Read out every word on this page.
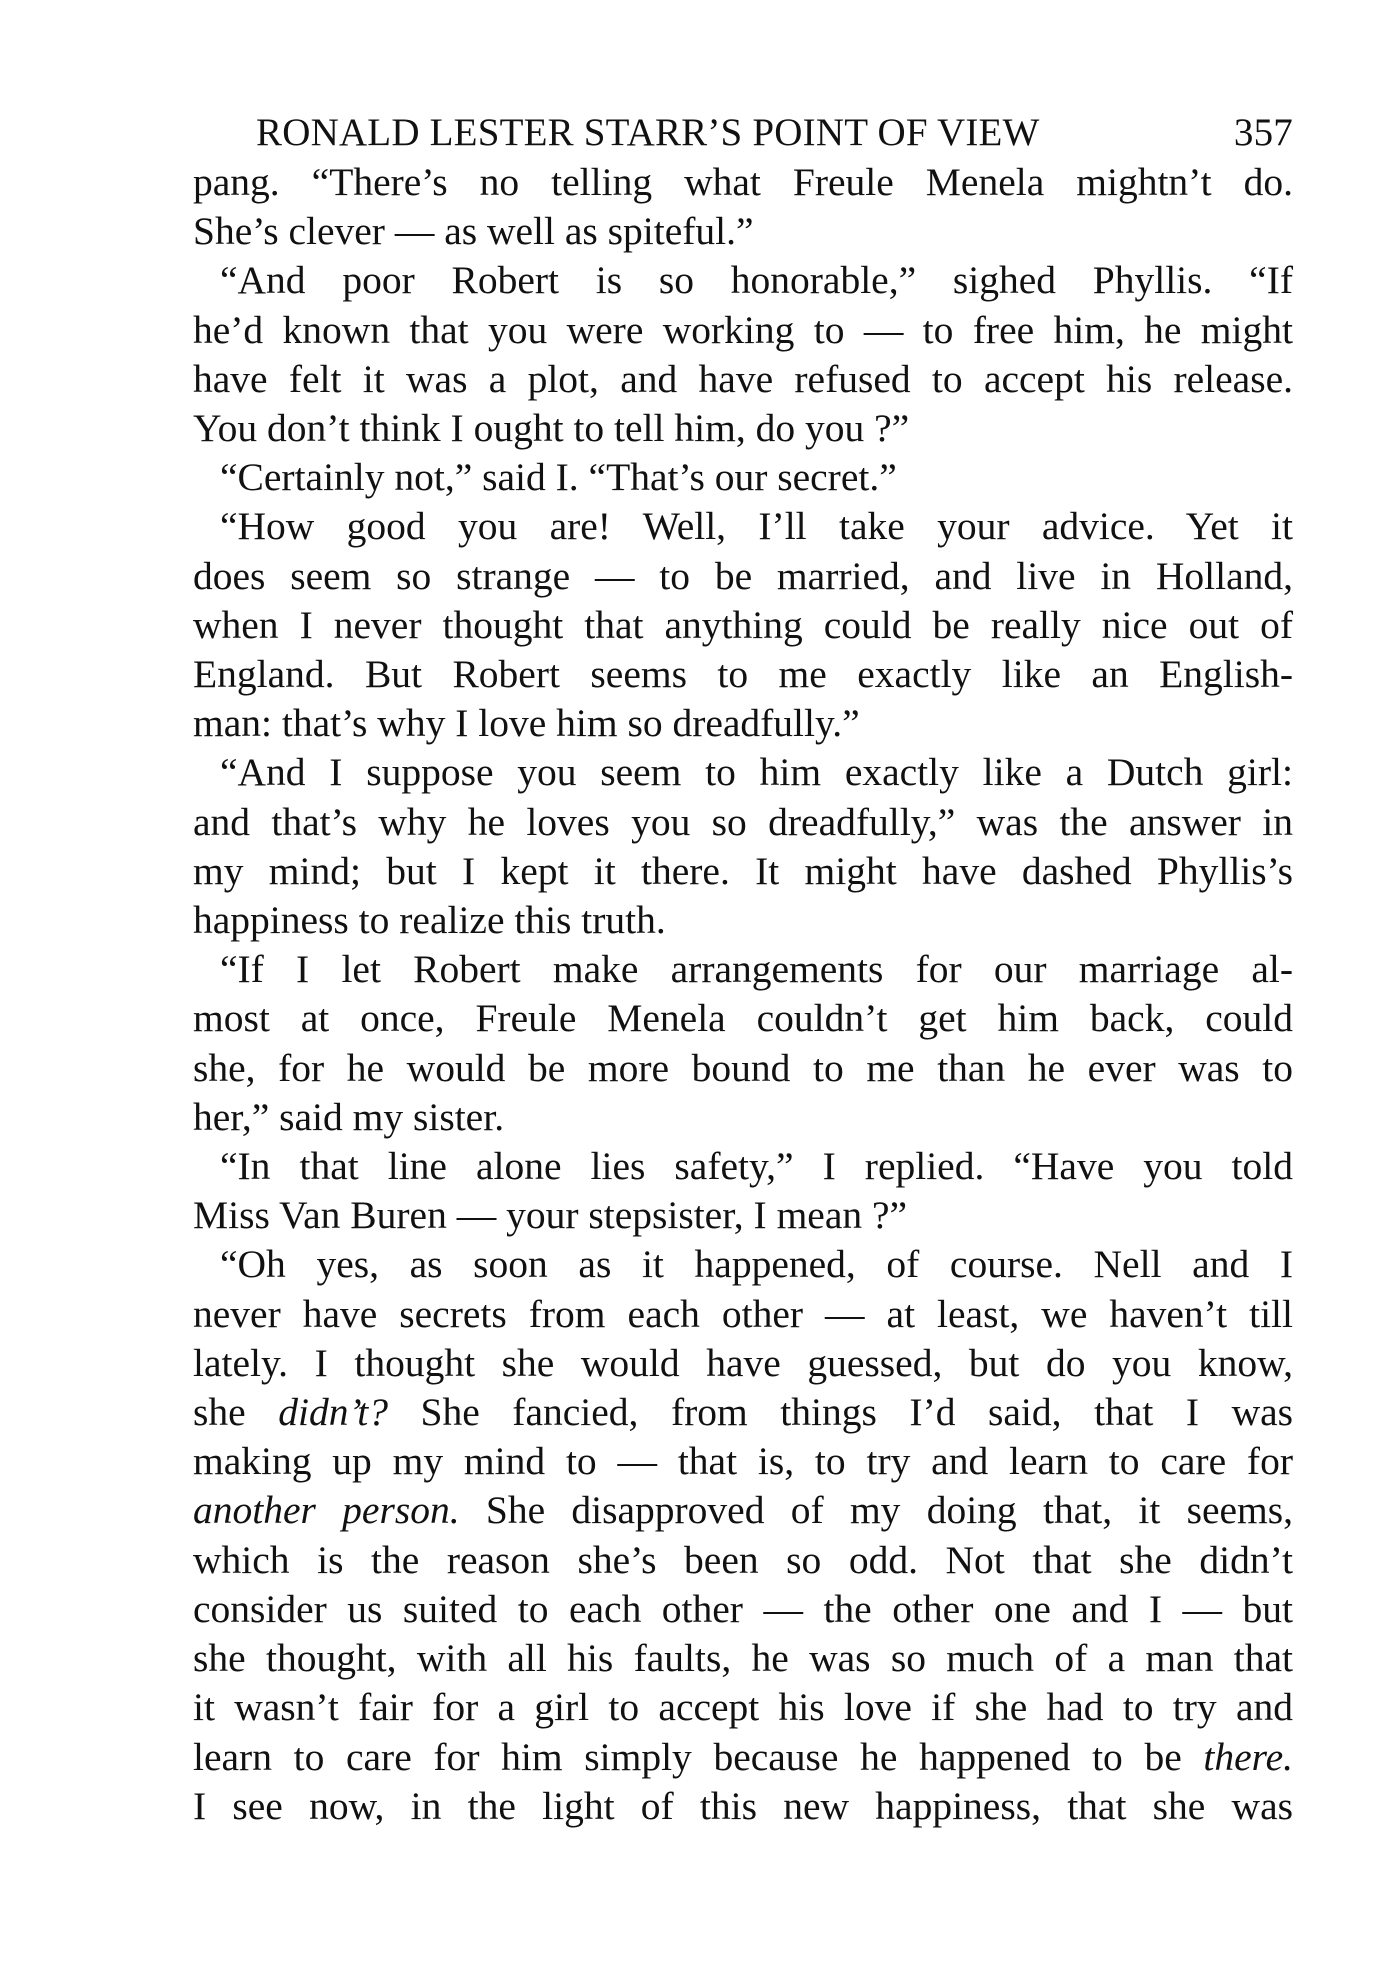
RONALD LESTER STARR’S POINT OF VIEW	357
pang. “There’s no telling what Freule Menela mightn’t do.
She’s clever — as well as spiteful.”
“And poor Robert is so honorable,” sighed Phyllis. “If
he’d known that you were working to — to free him, he might
have felt it was a plot, and have refused to accept his release.
You don’t think I ought to tell him, do you ?”
“Certainly not,” said I. “That’s our secret.”
“How good you are! Well, I’ll take your advice. Yet it
does seem so strange — to be married, and live in Holland,
when I never thought that anything could be really nice out of
England. But Robert seems to me exactly like an English-
man: that’s why I love him so dreadfully.”
“And I suppose you seem to him exactly like a Dutch girl:
and that’s why he loves you so dreadfully,” was the answer in
my mind; but I kept it there. It might have dashed Phyllis’s
happiness to realize this truth.
“If I let Robert make arrangements for our marriage al-
most at once, Freule Menela couldn’t get him back, could
she, for he would be more bound to me than he ever was to
her,” said my sister.
“In that line alone lies safety,” I replied. “Have you told
Miss Van Buren — your stepsister, I mean ?”
“Oh yes, as soon as it happened, of course. Nell and I
never have secrets from each other — at least, we haven’t till
lately. I thought she would have guessed, but do you know,
she didn’t? She fancied, from things I’d said, that I was
making up my mind to — that is, to try and learn to care for
another person. She disapproved of my doing that, it seems,
which is the reason she’s been so odd. Not that she didn’t
consider us suited to each other — the other one and I — but
she thought, with all his faults, he was so much of a man that
it wasn’t fair for a girl to accept his love if she had to try and
learn to care for him simply because he happened to be there.
I see now, in the light of this new happiness, that she was
